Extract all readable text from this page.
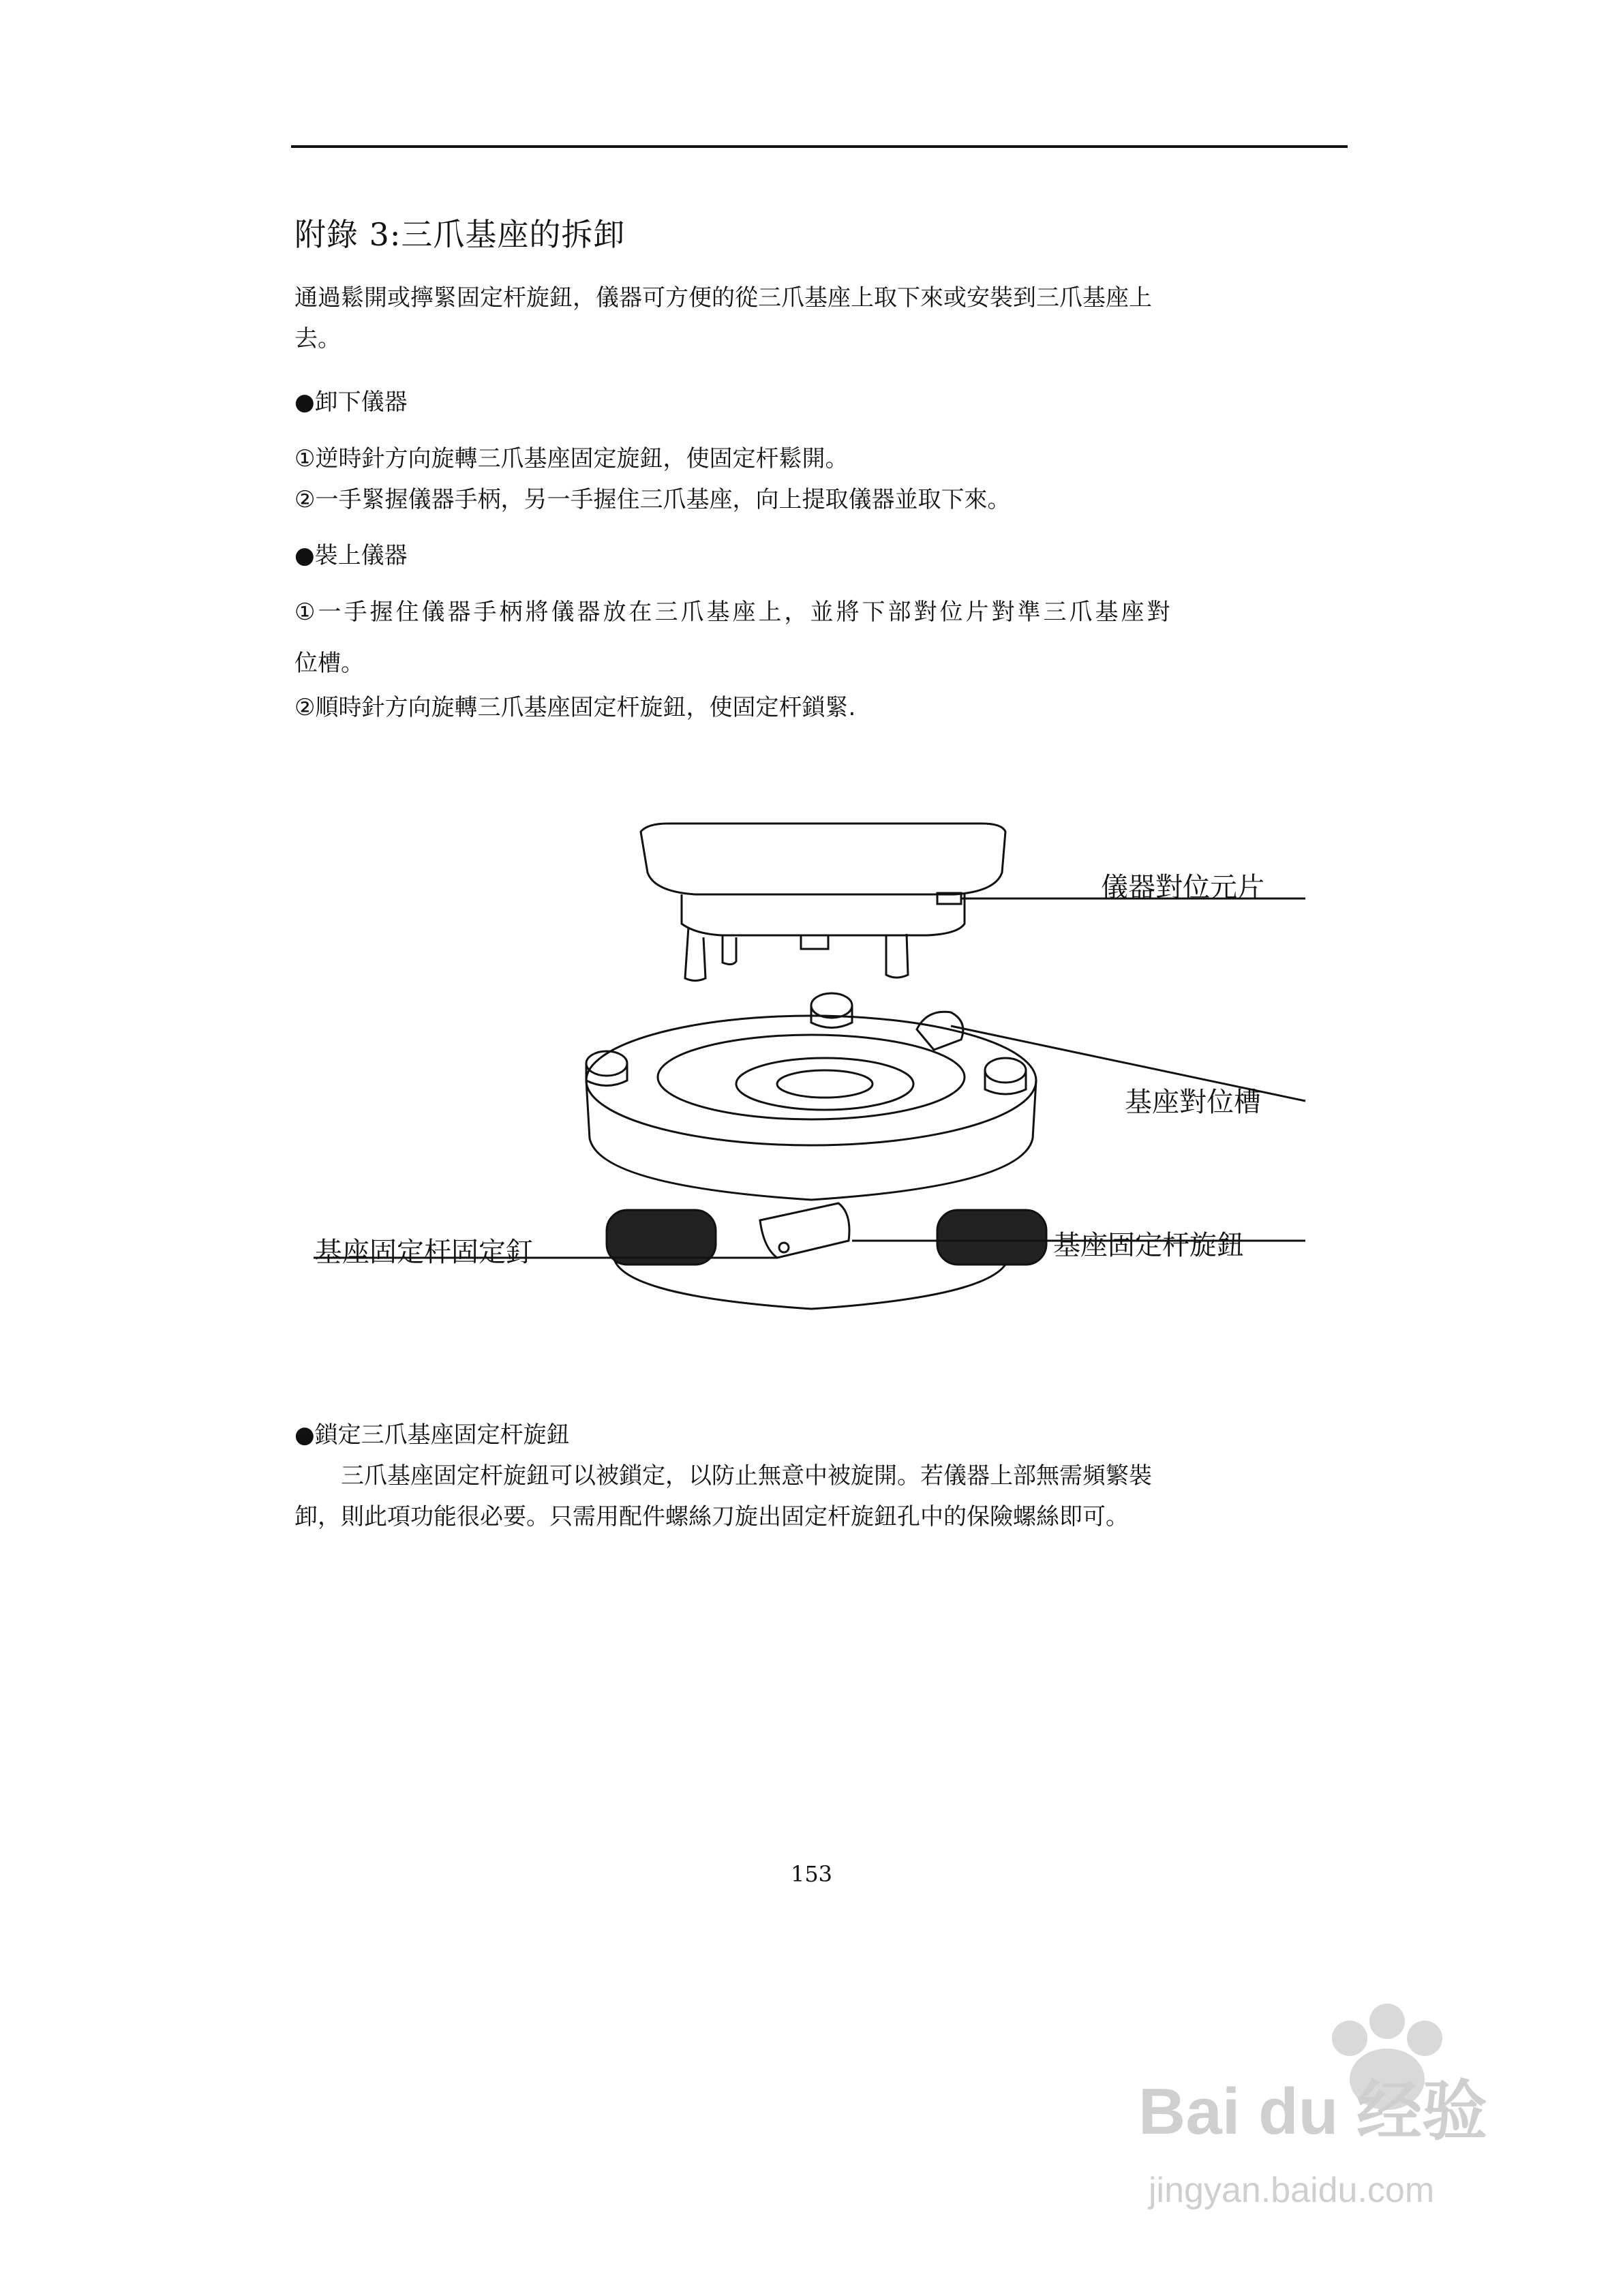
附錄 3:三爪基座的拆卸
通過鬆開或擰緊固定杆旋鈕，儀器可方便的從三爪基座上取下來或安裝到三爪基座上
去。
●卸下儀器
①逆時針方向旋轉三爪基座固定旋鈕，使固定杆鬆開。
②一手緊握儀器手柄，另一手握住三爪基座，向上提取儀器並取下來。
●裝上儀器
①一手握住儀器手柄將儀器放在三爪基座上，並將下部對位片對準三爪基座對
位槽。
②順時針方向旋轉三爪基座固定杆旋鈕，使固定杆鎖緊.
儀器對位元片
基座對位槽
基座固定杆旋鈕
基座固定杆固定釘
●鎖定三爪基座固定杆旋鈕
三爪基座固定杆旋鈕可以被鎖定，以防止無意中被旋開。若儀器上部無需頻繁裝
卸，則此項功能很必要。只需用配件螺絲刀旋出固定杆旋鈕孔中的保險螺絲即可。
153
Bai du 经验
jingyan.baidu.com
